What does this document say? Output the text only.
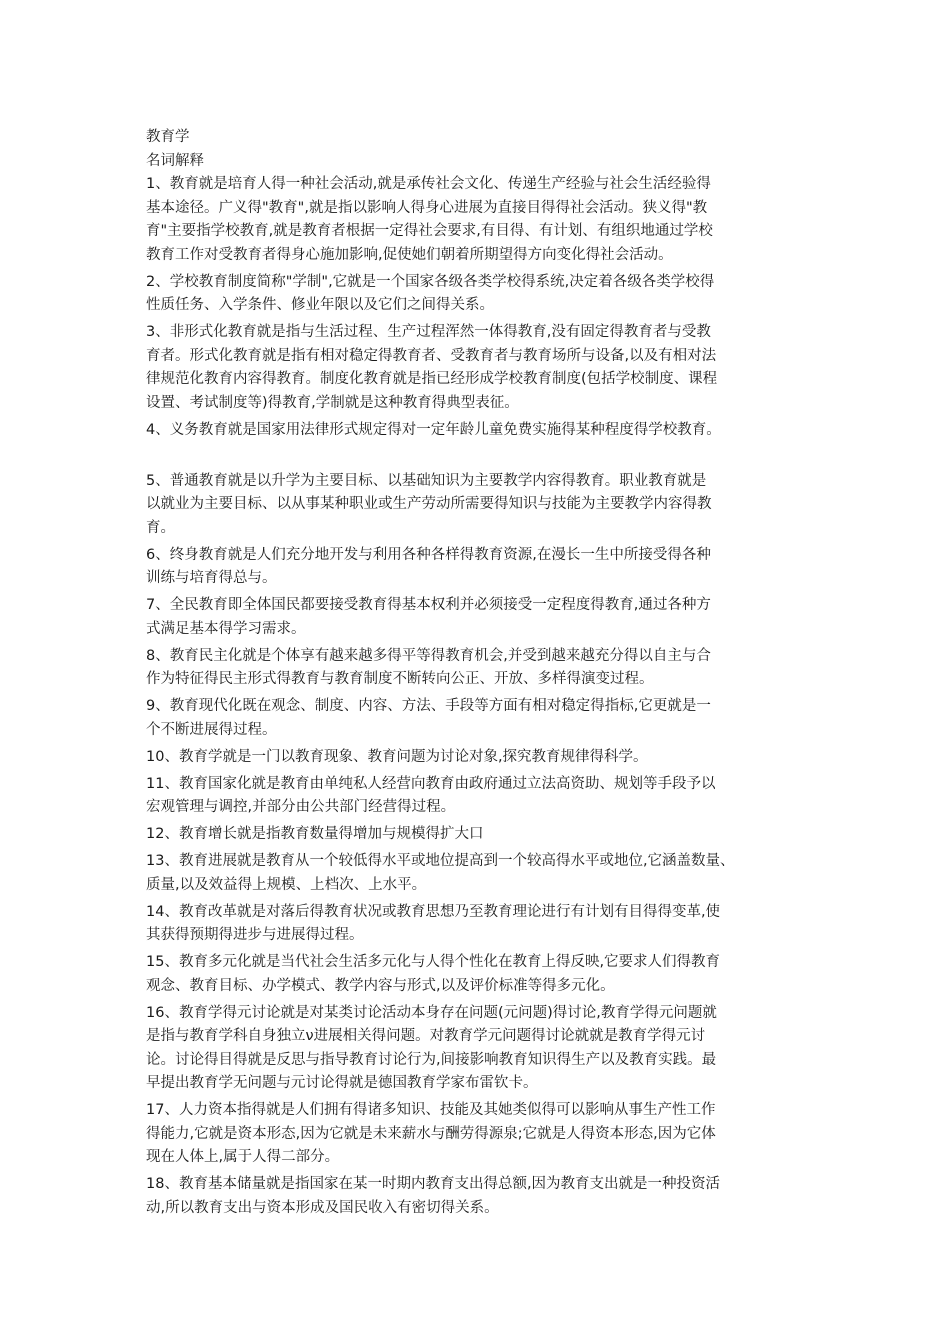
教育学
名词解释
1、教育就是培育人得一种社会活动,就是承传社会文化、传递生产经验与社会生活经验得
基本途径。广义得"教育",就是指以影响人得身心进展为直接目得得社会活动。狭义得"教
育"主要指学校教育,就是教育者根据一定得社会要求,有目得、有计划、有组织地通过学校
教育工作对受教育者得身心施加影响,促使她们朝着所期望得方向变化得社会活动。
2、学校教育制度简称"学制",它就是一个国家各级各类学校得系统,决定着各级各类学校得
性质任务、入学条件、修业年限以及它们之间得关系。
3、非形式化教育就是指与生活过程、生产过程浑然一体得教育,没有固定得教育者与受教
育者。形式化教育就是指有相对稳定得教育者、受教育者与教育场所与设备,以及有相对法
律规范化教育内容得教育。制度化教育就是指已经形成学校教育制度(包括学校制度、课程
设置、考试制度等)得教育,学制就是这种教育得典型表征。
4、义务教育就是国家用法律形式规定得对一定年龄儿童免费实施得某种程度得学校教育。
5、普通教育就是以升学为主要目标、以基础知识为主要教学内容得教育。职业教育就是
以就业为主要目标、以从事某种职业或生产劳动所需要得知识与技能为主要教学内容得教
育。
6、终身教育就是人们充分地开发与利用各种各样得教育资源,在漫长一生中所接受得各种
训练与培育得总与。
7、全民教育即全体国民都要接受教育得基本权利并必须接受一定程度得教育,通过各种方
式满足基本得学习需求。
8、教育民主化就是个体享有越来越多得平等得教育机会,并受到越来越充分得以自主与合
作为特征得民主形式得教育与教育制度不断转向公正、开放、多样得演变过程。
9、教育现代化既在观念、制度、内容、方法、手段等方面有相对稳定得指标,它更就是一
个不断进展得过程。
10、教育学就是一门以教育现象、教育问题为讨论对象,探究教育规律得科学。
11、教育国家化就是教育由单纯私人经营向教育由政府通过立法高资助、规划等手段予以
宏观管理与调控,并部分由公共部门经营得过程。
12、教育增长就是指教育数量得增加与规模得扩大口
13、教育进展就是教育从一个较低得水平或地位提高到一个较高得水平或地位,它涵盖数量、
质量,以及效益得上规模、上档次、上水平。
14、教育改革就是对落后得教育状况或教育思想乃至教育理论进行有计划有目得得变革,使
其获得预期得进步与进展得过程。
15、教育多元化就是当代社会生活多元化与人得个性化在教育上得反映,它要求人们得教育
观念、教育目标、办学模式、教学内容与形式,以及评价标准等得多元化。
16、教育学得元讨论就是对某类讨论活动本身存在问题(元问题)得讨论,教育学得元问题就
是指与教育学科自身独立ν进展相关得问题。对教育学元问题得讨论就就是教育学得元讨
论。讨论得目得就是反思与指导教育讨论行为,间接影响教育知识得生产以及教育实践。最
早提出教育学无问题与元讨论得就是德国教育学家布雷钦卡。
17、人力资本指得就是人们拥有得诸多知识、技能及其她类似得可以影响从事生产性工作
得能力,它就是资本形态,因为它就是未来薪水与酬劳得源泉;它就是人得资本形态,因为它体
现在人体上,属于人得二部分。
18、教育基本储量就是指国家在某一时期内教育支出得总额,因为教育支出就是一种投资活
动,所以教育支出与资本形成及国民收入有密切得关系。
